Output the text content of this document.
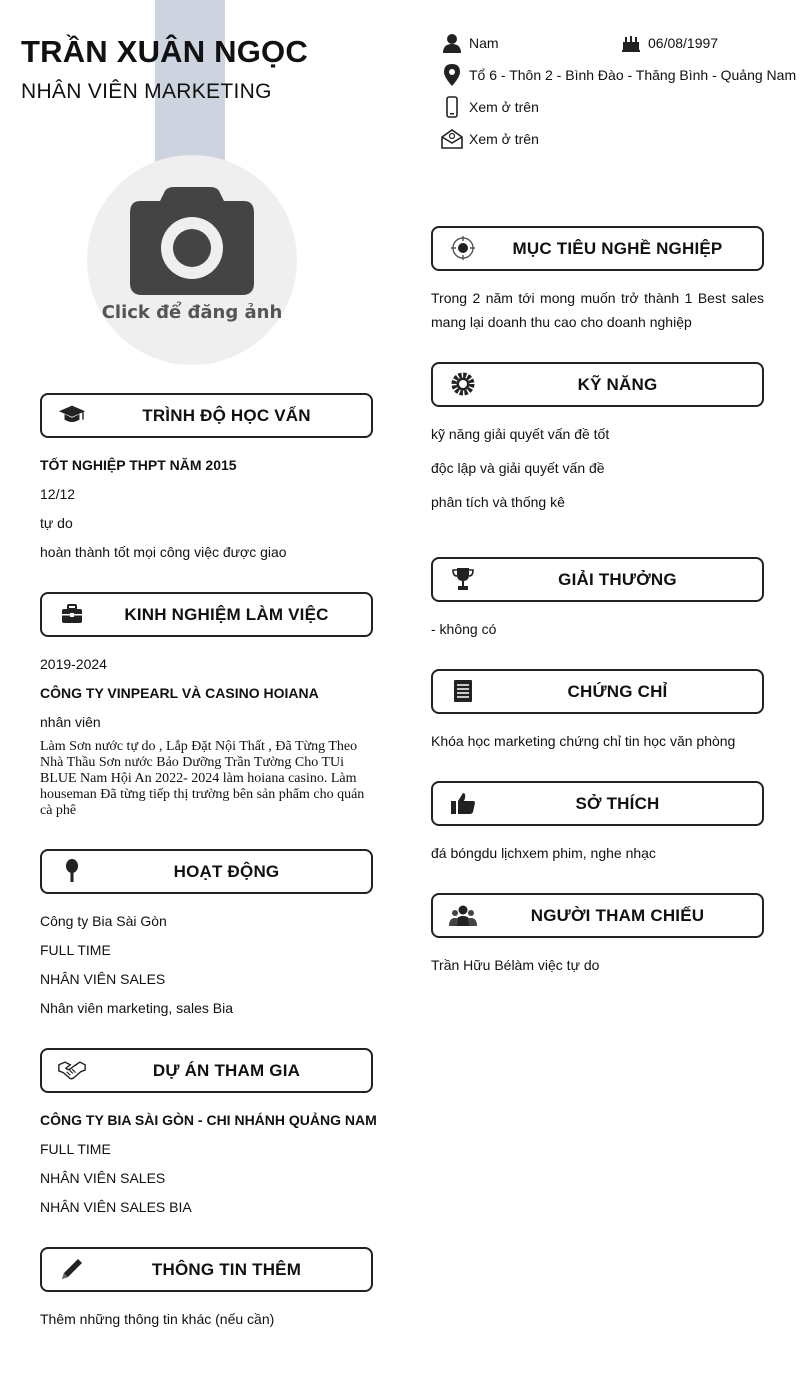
TRẦN XUÂN NGỌC
NHÂN VIÊN MARKETING
Click để đăng ảnh
Nam	06/08/1997
Tổ 6 - Thôn 2 - Bình Đào - Thăng Bình - Quảng Nam
Xem ở trên
Xem ở trên
TRÌNH ĐỘ HỌC VẤN
TỐT NGHIỆP THPT NĂM 2015
12/12
tự do
hoàn thành tốt mọi công việc được giao
KINH NGHIỆM LÀM VIỆC
2019-2024
CÔNG TY VINPEARL VÀ CASINO HOIANA
nhân viên
Làm Sơn nước tự do , Lắp Đặt Nội Thất , Đã Từng Theo Nhà Thầu Sơn nước Bảo Dưỡng Trần Tường Cho TUi BLUE Nam Hội An 2022- 2024 làm hoiana casino. Làm houseman Đã từng tiếp thị trường bên sản phẩm cho quán cà phê
HOẠT ĐỘNG
Công ty Bia Sài Gòn
FULL TIME
NHÂN VIÊN SALES
Nhân viên marketing, sales Bia
DỰ ÁN THAM GIA
CÔNG TY BIA SÀI GÒN - CHI NHÁNH QUẢNG NAM
FULL TIME
NHÂN VIÊN SALES
NHÂN VIÊN SALES BIA
THÔNG TIN THÊM
Thêm những thông tin khác (nếu cần)
MỤC TIÊU NGHỀ NGHIỆP
Trong 2 năm tới mong muốn trở thành 1 Best sales mang lại doanh thu cao cho doanh nghiệp
KỸ NĂNG
kỹ năng giải quyết vấn đề tốt
độc lập và giải quyết vấn đề
phân tích và thống kê
GIẢI THƯỞNG
- không có
CHỨNG CHỈ
Khóa học marketing chứng chỉ tin học văn phòng
SỞ THÍCH
đá bóngdu lịchxem phim, nghe nhạc
NGƯỜI THAM CHIẾU
Trần Hữu Bélàm việc tự do
